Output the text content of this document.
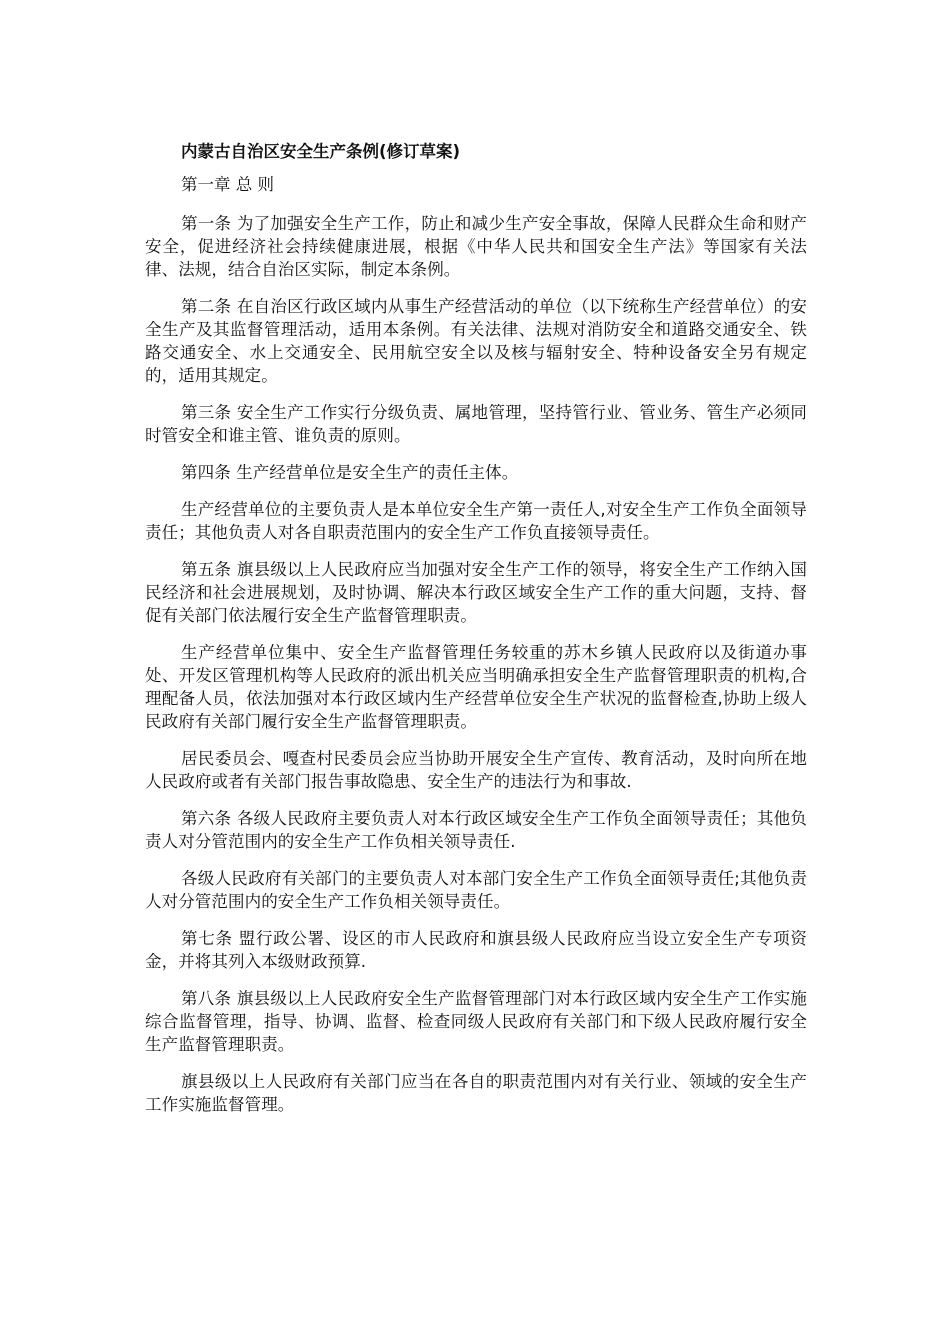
内蒙古自治区安全生产条例(修订草案)
第一章 总 则

第一条 为了加强安全生产工作，防止和减少生产安全事故，保障人民群众生命和财产安全，促进经济社会持续健康进展，根据《中华人民共和国安全生产法》等国家有关法律、法规，结合自治区实际，制定本条例。

第二条 在自治区行政区域内从事生产经营活动的单位（以下统称生产经营单位）的安全生产及其监督管理活动，适用本条例。有关法律、法规对消防安全和道路交通安全、铁路交通安全、水上交通安全、民用航空安全以及核与辐射安全、特种设备安全另有规定的，适用其规定。

第三条 安全生产工作实行分级负责、属地管理，坚持管行业、管业务、管生产必须同时管安全和谁主管、谁负责的原则。

第四条 生产经营单位是安全生产的责任主体。

生产经营单位的主要负责人是本单位安全生产第一责任人,对安全生产工作负全面领导责任；其他负责人对各自职责范围内的安全生产工作负直接领导责任。

第五条 旗县级以上人民政府应当加强对安全生产工作的领导，将安全生产工作纳入国民经济和社会进展规划，及时协调、解决本行政区域安全生产工作的重大问题，支持、督促有关部门依法履行安全生产监督管理职责。

生产经营单位集中、安全生产监督管理任务较重的苏木乡镇人民政府以及街道办事处、开发区管理机构等人民政府的派出机关应当明确承担安全生产监督管理职责的机构,合理配备人员，依法加强对本行政区域内生产经营单位安全生产状况的监督检查,协助上级人民政府有关部门履行安全生产监督管理职责。

居民委员会、嘎查村民委员会应当协助开展安全生产宣传、教育活动，及时向所在地人民政府或者有关部门报告事故隐患、安全生产的违法行为和事故.

第六条 各级人民政府主要负责人对本行政区域安全生产工作负全面领导责任；其他负责人对分管范围内的安全生产工作负相关领导责任.

各级人民政府有关部门的主要负责人对本部门安全生产工作负全面领导责任;其他负责人对分管范围内的安全生产工作负相关领导责任。

第七条 盟行政公署、设区的市人民政府和旗县级人民政府应当设立安全生产专项资金，并将其列入本级财政预算.

第八条 旗县级以上人民政府安全生产监督管理部门对本行政区域内安全生产工作实施综合监督管理，指导、协调、监督、检查同级人民政府有关部门和下级人民政府履行安全生产监督管理职责。

旗县级以上人民政府有关部门应当在各自的职责范围内对有关行业、领域的安全生产工作实施监督管理。
